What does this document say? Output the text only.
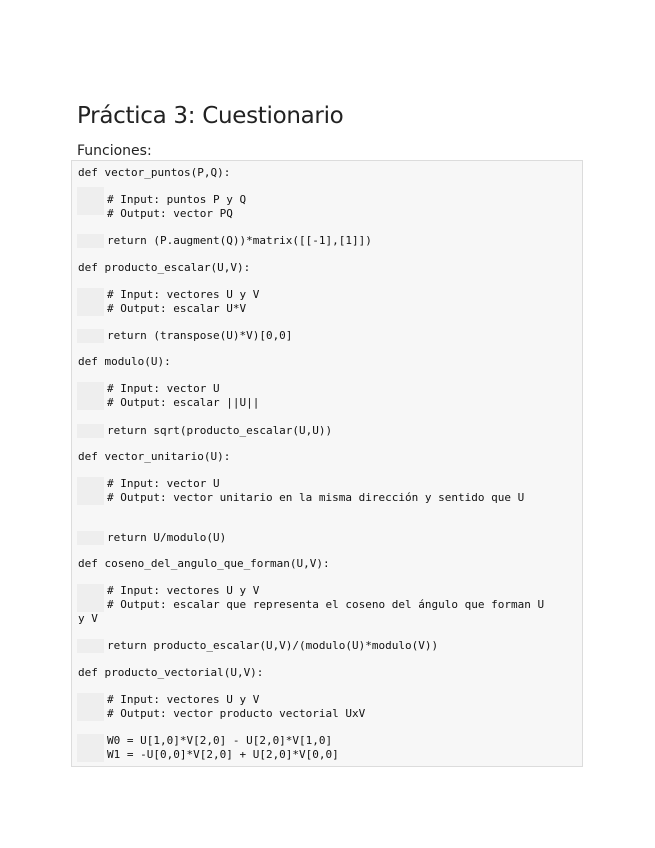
Práctica 3: Cuestionario

Funciones:

def vector_puntos(P,Q):
# Input: puntos P y Q
# Output: vector PQ
return (P.augment(Q))*matrix([[-1],[1]])
def producto_escalar(U,V):
# Input: vectores U y V
# Output: escalar U*V
return (transpose(U)*V)[0,0]
def modulo(U):
# Input: vector U
# Output: escalar ||U||
return sqrt(producto_escalar(U,U))
def vector_unitario(U):
# Input: vector U
# Output: vector unitario en la misma dirección y sentido que U
return U/modulo(U)
def coseno_del_angulo_que_forman(U,V):
# Input: vectores U y V
# Output: escalar que representa el coseno del ángulo que forman U
y V
return producto_escalar(U,V)/(modulo(U)*modulo(V))
def producto_vectorial(U,V):
# Input: vectores U y V
# Output: vector producto vectorial UxV
W0 = U[1,0]*V[2,0] - U[2,0]*V[1,0]
W1 = -U[0,0]*V[2,0] + U[2,0]*V[0,0]
